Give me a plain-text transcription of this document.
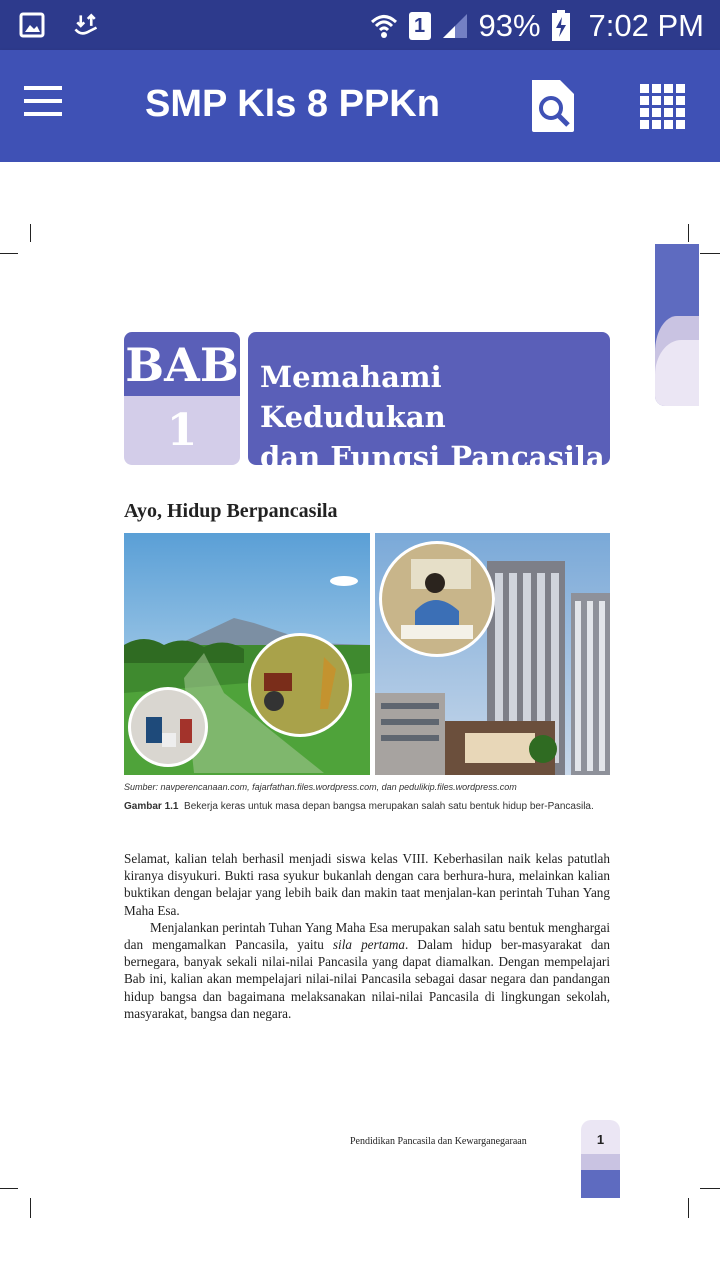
1 93% 7:02 PM
SMP Kls 8 PPKn
BAB
1
Memahami Kedudukan
dan Fungsi Pancasila
Ayo, Hidup Berpancasila
Sumber: navperencanaan.com, fajarfathan.files.wordpress.com, dan pedulikip.files.wordpress.com
Gambar 1.1 Bekerja keras untuk masa depan bangsa merupakan salah satu bentuk hidup ber-Pancasila.

Selamat, kalian telah berhasil menjadi siswa kelas VIII. Keberhasilan naik kelas patutlah kiranya disyukuri. Bukti rasa syukur bukanlah dengan cara berhura-hura, melainkan kalian buktikan dengan belajar yang lebih baik dan makin taat menjalan-kan perintah Tuhan Yang Maha Esa.

Menjalankan perintah Tuhan Yang Maha Esa merupakan salah satu bentuk menghargai dan mengamalkan Pancasila, yaitu sila pertama. Dalam hidup ber-masyarakat dan bernegara, banyak sekali nilai-nilai Pancasila yang dapat diamalkan. Dengan mempelajari Bab ini, kalian akan mempelajari nilai-nilai Pancasila sebagai dasar negara dan pandangan hidup bangsa dan bagaimana melaksanakan nilai-nilai Pancasila di lingkungan sekolah, masyarakat, bangsa dan negara.

Pendidikan Pancasila dan Kewarganegaraan	1
